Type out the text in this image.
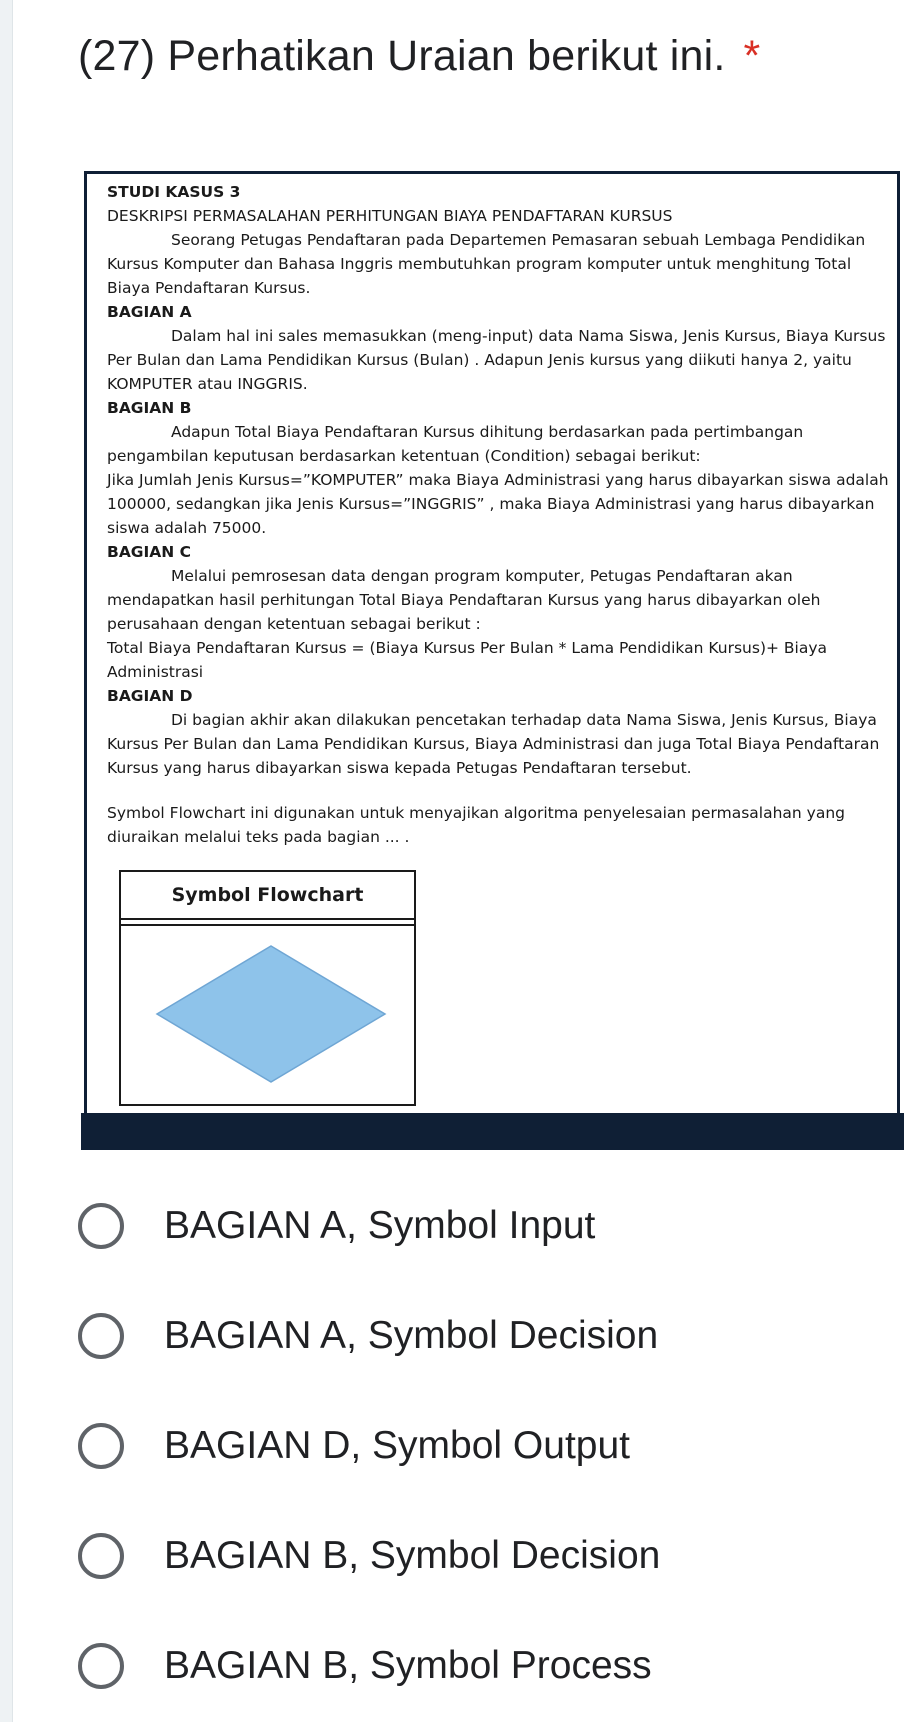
(27) Perhatikan Uraian berikut ini. *

STUDI KASUS 3

DESKRIPSI PERMASALAHAN PERHITUNGAN BIAYA PENDAFTARAN KURSUS

Seorang Petugas Pendaftaran pada Departemen Pemasaran sebuah Lembaga Pendidikan Kursus Komputer dan Bahasa Inggris membutuhkan program komputer untuk menghitung Total Biaya Pendaftaran Kursus.

BAGIAN A

Dalam hal ini sales memasukkan (meng-input) data Nama Siswa, Jenis Kursus, Biaya Kursus Per Bulan dan Lama Pendidikan Kursus (Bulan) . Adapun Jenis kursus yang diikuti hanya 2, yaitu KOMPUTER atau INGGRIS.

BAGIAN B

Adapun Total Biaya Pendaftaran Kursus dihitung berdasarkan pada pertimbangan pengambilan keputusan berdasarkan ketentuan (Condition) sebagai berikut:

Jika Jumlah Jenis Kursus=”KOMPUTER” maka Biaya Administrasi yang harus dibayarkan siswa adalah 100000, sedangkan jika Jenis Kursus=”INGGRIS” , maka Biaya Administrasi yang harus dibayarkan siswa adalah 75000.

BAGIAN C

Melalui pemrosesan data dengan program komputer, Petugas Pendaftaran akan mendapatkan hasil perhitungan Total Biaya Pendaftaran Kursus yang harus dibayarkan oleh perusahaan dengan ketentuan sebagai berikut :

Total Biaya Pendaftaran Kursus = (Biaya Kursus Per Bulan * Lama Pendidikan Kursus)+ Biaya Administrasi

BAGIAN D

Di bagian akhir akan dilakukan pencetakan terhadap data Nama Siswa, Jenis Kursus, Biaya Kursus Per Bulan dan Lama Pendidikan Kursus, Biaya Administrasi dan juga Total Biaya Pendaftaran Kursus yang harus dibayarkan siswa kepada Petugas Pendaftaran tersebut.

Symbol Flowchart ini digunakan untuk menyajikan algoritma penyelesaian permasalahan yang diuraikan melalui teks pada bagian ... .

Symbol Flowchart
BAGIAN A, Symbol Input
BAGIAN A, Symbol Decision
BAGIAN D, Symbol Output
BAGIAN B, Symbol Decision
BAGIAN B, Symbol Process
